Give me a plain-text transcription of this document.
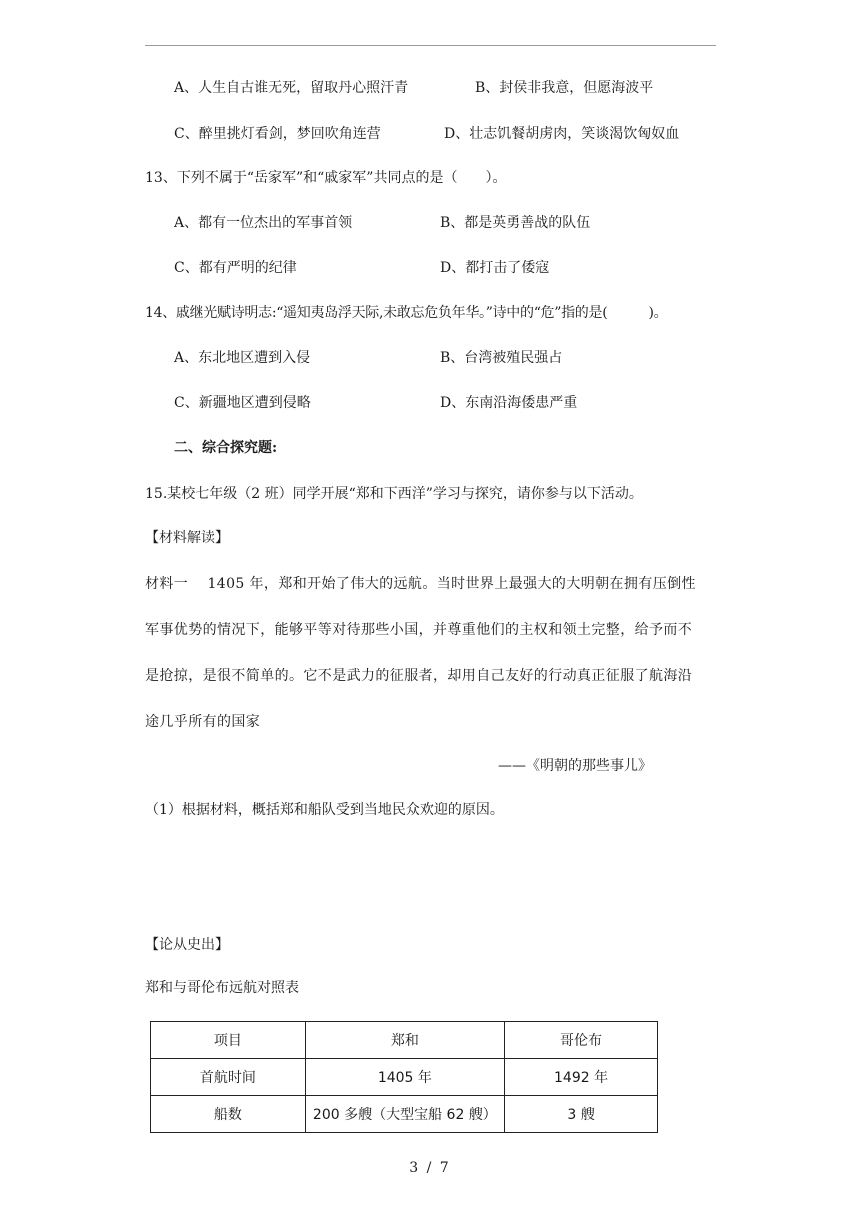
A、人生自古谁无死，留取丹心照汗青	B、封侯非我意，但愿海波平
C、醉里挑灯看剑，梦回吹角连营	D、壮志饥餐胡虏肉，笑谈渴饮匈奴血
13、下列不属于“岳家军”和“戚家军”共同点的是（　　）。
A、都有一位杰出的军事首领	B、都是英勇善战的队伍
C、都有严明的纪律	D、都打击了倭寇
14、戚继光赋诗明志:“遥知夷岛浮天际,未敢忘危负年华。”诗中的“危”指的是(　　　)。
A、东北地区遭到入侵	B、台湾被殖民强占
C、新疆地区遭到侵略	D、东南沿海倭患严重
二、综合探究题:
15.某校七年级（2 班）同学开展“郑和下西洋”学习与探究，请你参与以下活动。
【材料解读】
材料一　 1405 年，郑和开始了伟大的远航。当时世界上最强大的大明朝在拥有压倒性
军事优势的情况下，能够平等对待那些小国，并尊重他们的主权和领土完整，给予而不
是抢掠，是很不简单的。它不是武力的征服者，却用自己友好的行动真正征服了航海沿
途几乎所有的国家
——《明朝的那些事儿》
（1）根据材料，概括郑和船队受到当地民众欢迎的原因。
【论从史出】
郑和与哥伦布远航对照表
项目	郑和	哥伦布
首航时间	1405 年	1492 年
船数	200 多艘（大型宝船 62 艘）	3 艘
3 / 7
